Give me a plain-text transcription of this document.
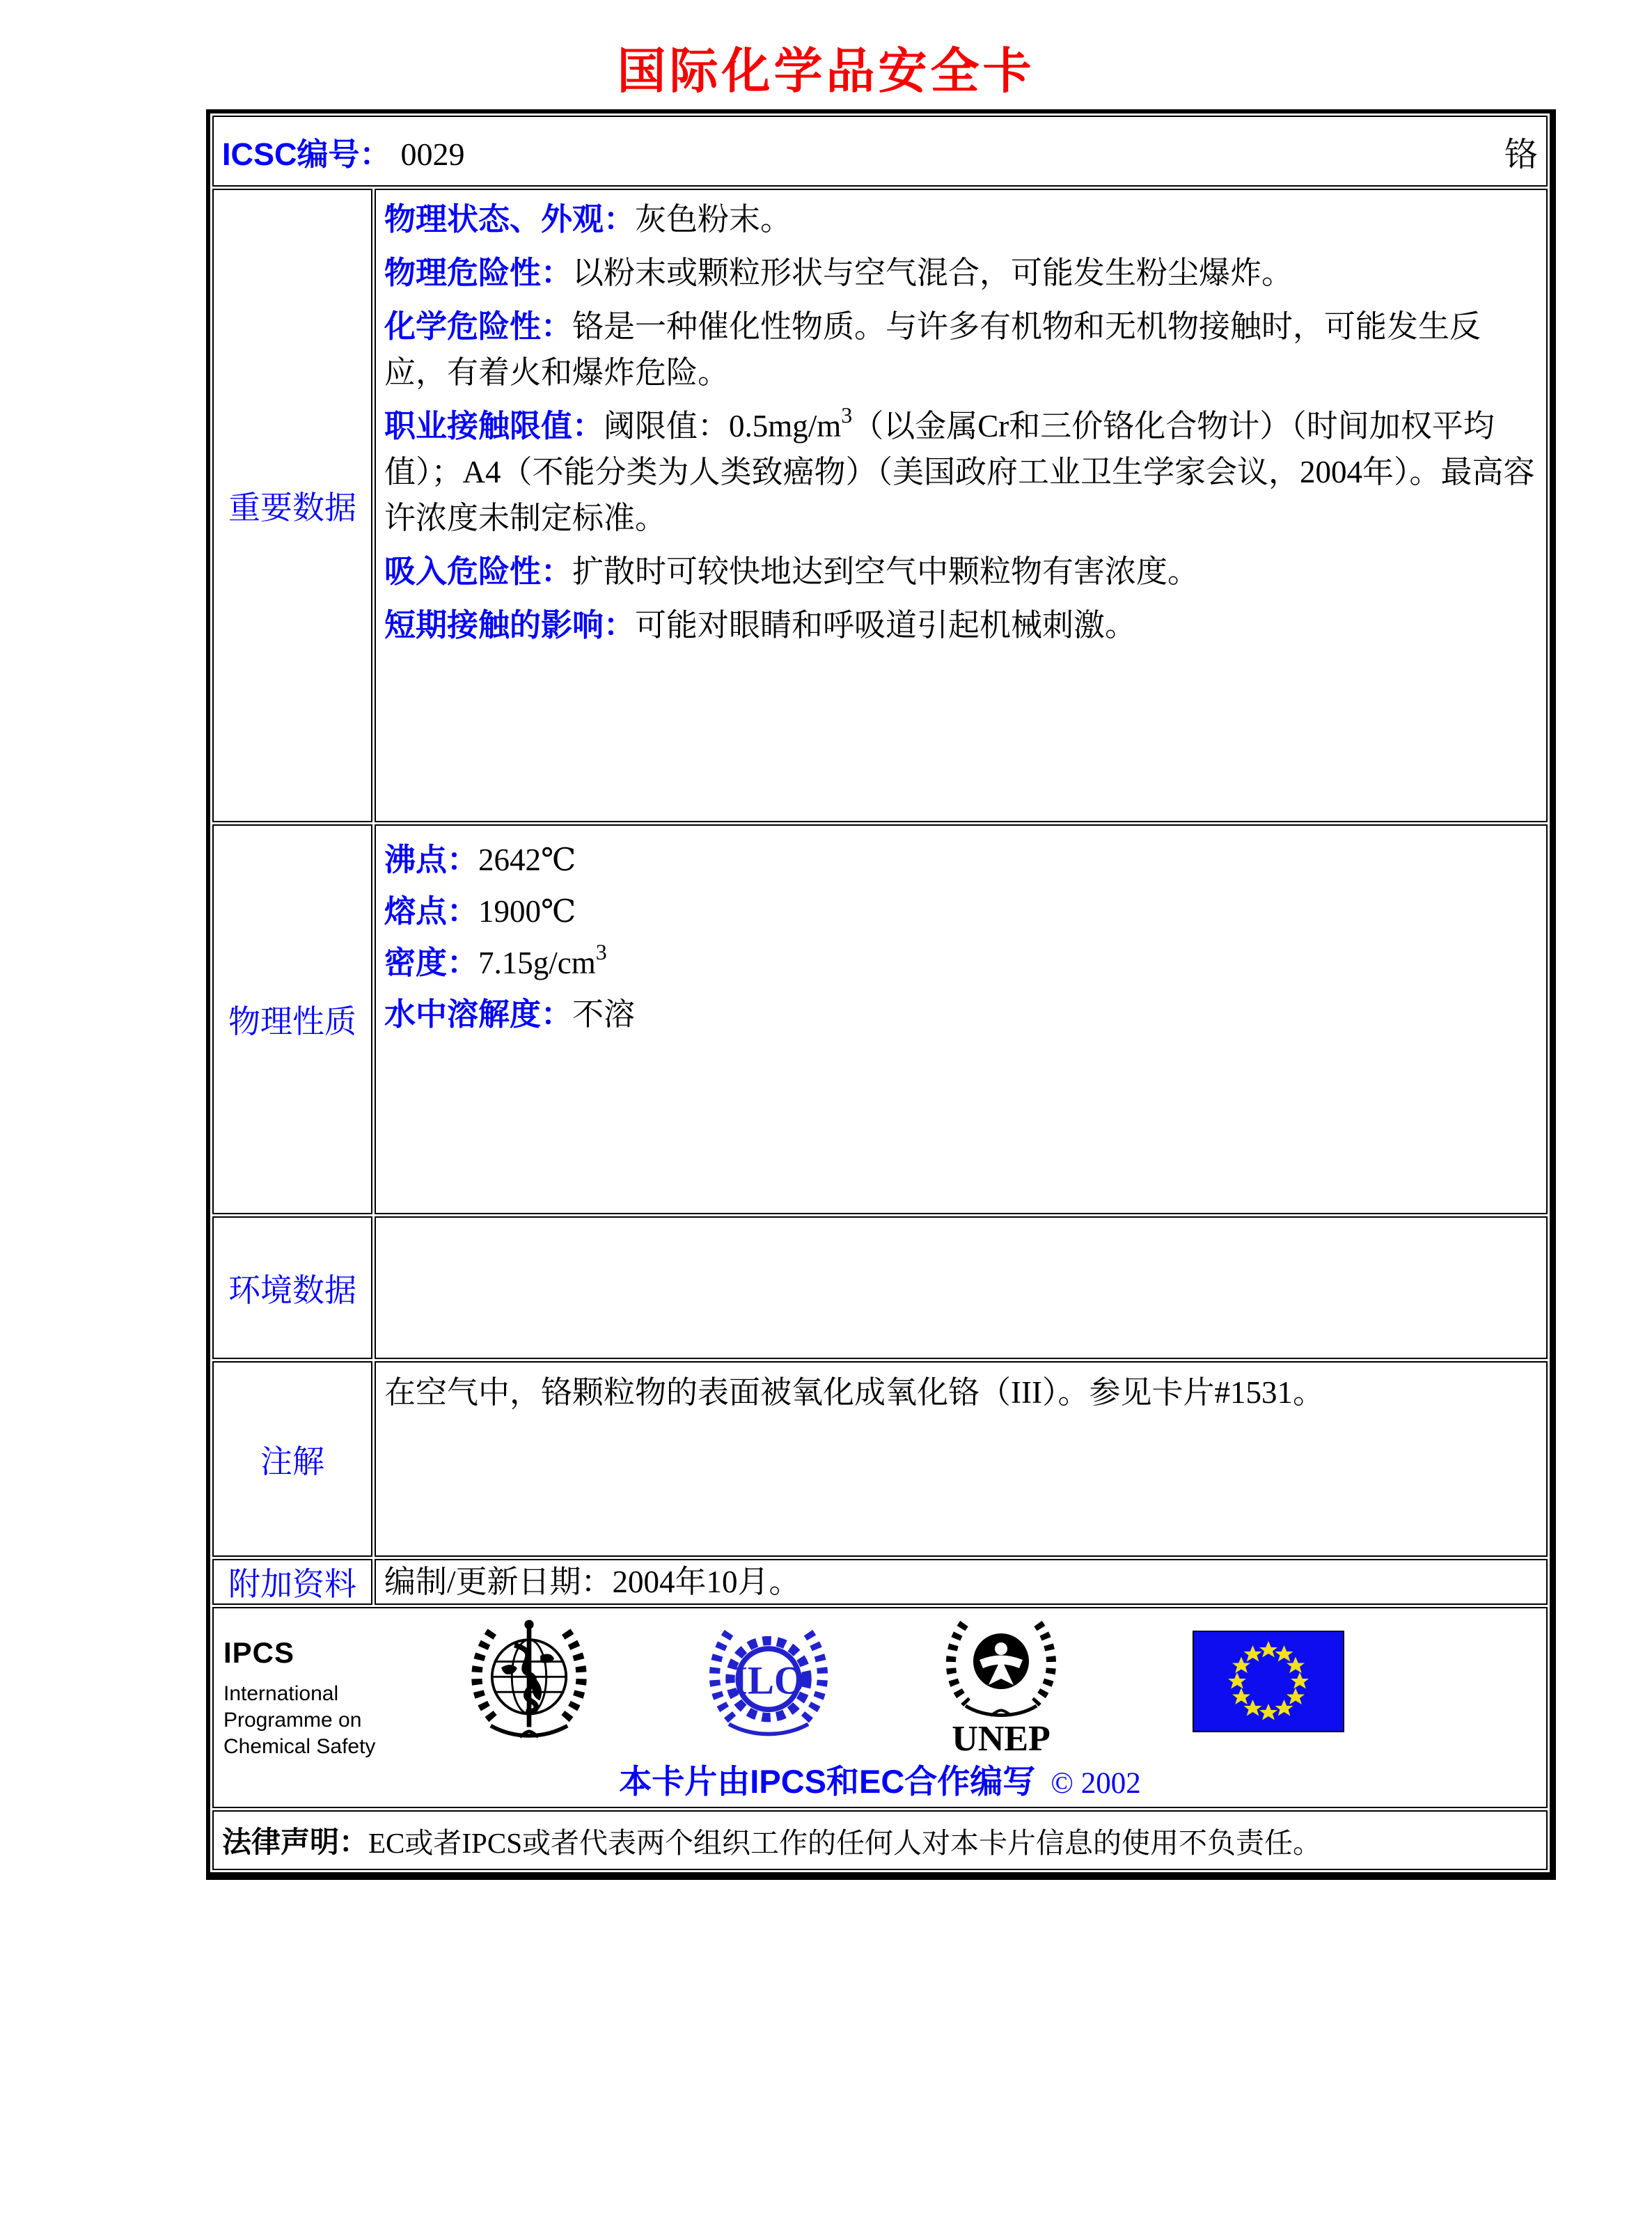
国际化学品安全卡
ICSC编号： 0029	铬
重要数据

物理状态、外观：灰色粉末。

物理危险性：以粉末或颗粒形状与空气混合，可能发生粉尘爆炸。

化学危险性：铬是一种催化性物质。与许多有机物和无机物接触时，可能发生反应，有着火和爆炸危险。

职业接触限值：阈限值：$0.5mg/m^3$（以金属Cr和三价铬化合物计）（时间加权平均值）；A4（不能分类为人类致癌物）（美国政府工业卫生学家会议，2004年）。最高容许浓度未制定标准。

吸入危险性：扩散时可较快地达到空气中颗粒物有害浓度。

短期接触的影响：可能对眼睛和呼吸道引起机械刺激。

物理性质
沸点：2642℃
熔点：1900℃
密度：$7.15g/cm^3$
水中溶解度：不溶
环境数据
注解
在空气中，铬颗粒物的表面被氧化成氧化铬（III）。参见卡片#1531。
附加资料 编制/更新日期：2004年10月。
IPCS
International
Programme on
Chemical Safety
ILO
UNEP
本卡片由IPCS和EC合作编写 © 2002
法律声明： EC或者IPCS或者代表两个组织工作的任何人对本卡片信息的使用不负责任。
